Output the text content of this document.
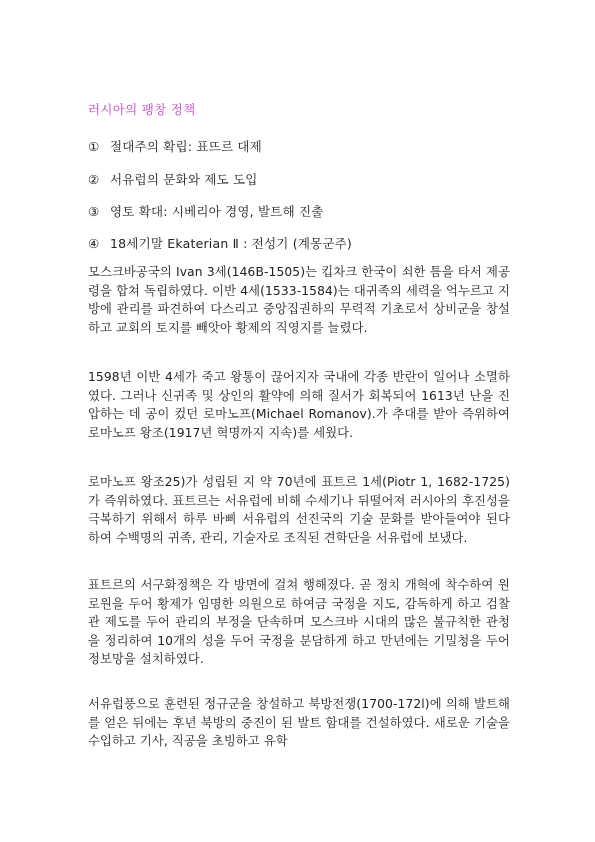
러시아의 팽창 정책
① 절대주의 확립: 표뜨르 대제
② 서유럽의 문화와 제도 도입
③ 영토 확대: 시베리아 경영, 발트해 진출
④ 18세기말 Ekaterian Ⅱ : 전성기 (계몽군주)

모스크바공국의 Ivan 3세(146B-1505)는 킵차크 한국이 쇠한 틈을 타서 제공령을 합쳐 독립하였다. 이반 4세(1533-1584)는 대귀족의 세력을 억누르고 지방에 관리를 파견하여 다스리고 중앙집권하의 무력적 기초로서 상비군을 창설하고 교회의 토지를 빼앗아 황제의 직영지를 늘렸다.

1598년 이반 4세가 죽고 왕통이 끊어지자 국내에 각종 반란이 일어나 소멸하였다. 그러나 신귀족 및 상인의 활약에 의해 질서가 회복되어 1613년 난을 진압하는 데 공이 컸던 로마노프(Michael Romanov).가 추대를 받아 즉위하여 로마노프 왕조(1917년 혁명까지 지속)를 세웠다.

로마노프 왕조25)가 성립된 지 약 70년에 표트르 1세(Piotr 1, 1682-1725)가 즉위하였다. 표트르는 서유럽에 비해 수세기나 뒤떨어져 러시아의 후진성을 극복하기 위해서 하루 바삐 서유럽의 선진국의 기술 문화를 받아들여야 된다 하여 수백명의 귀족, 관리, 기술자로 조직된 견학단을 서유럽에 보냈다.

표트르의 서구화정책은 각 방면에 걸쳐 행해졌다. 곧 정치 개혁에 착수하여 원로원을 두어 황제가 임명한 의원으로 하여금 국정을 지도, 감독하게 하고 검찰관 제도를 두어 관리의 부정을 단속하며 모스크바 시대의 많은 불규칙한 관청을 정리하여 10개의 성을 두어 국정을 분담하게 하고 만년에는 기밀청을 두어 정보망을 설치하였다.

서유럽풍으로 훈련된 정규군을 창설하고 북방전쟁(1700-172l)에 의해 발트해를 얻은 뒤에는 후년 북방의 중진이 된 발트 함대를 건설하였다. 새로운 기술을 수입하고 기사, 직공을 초빙하고 유학
